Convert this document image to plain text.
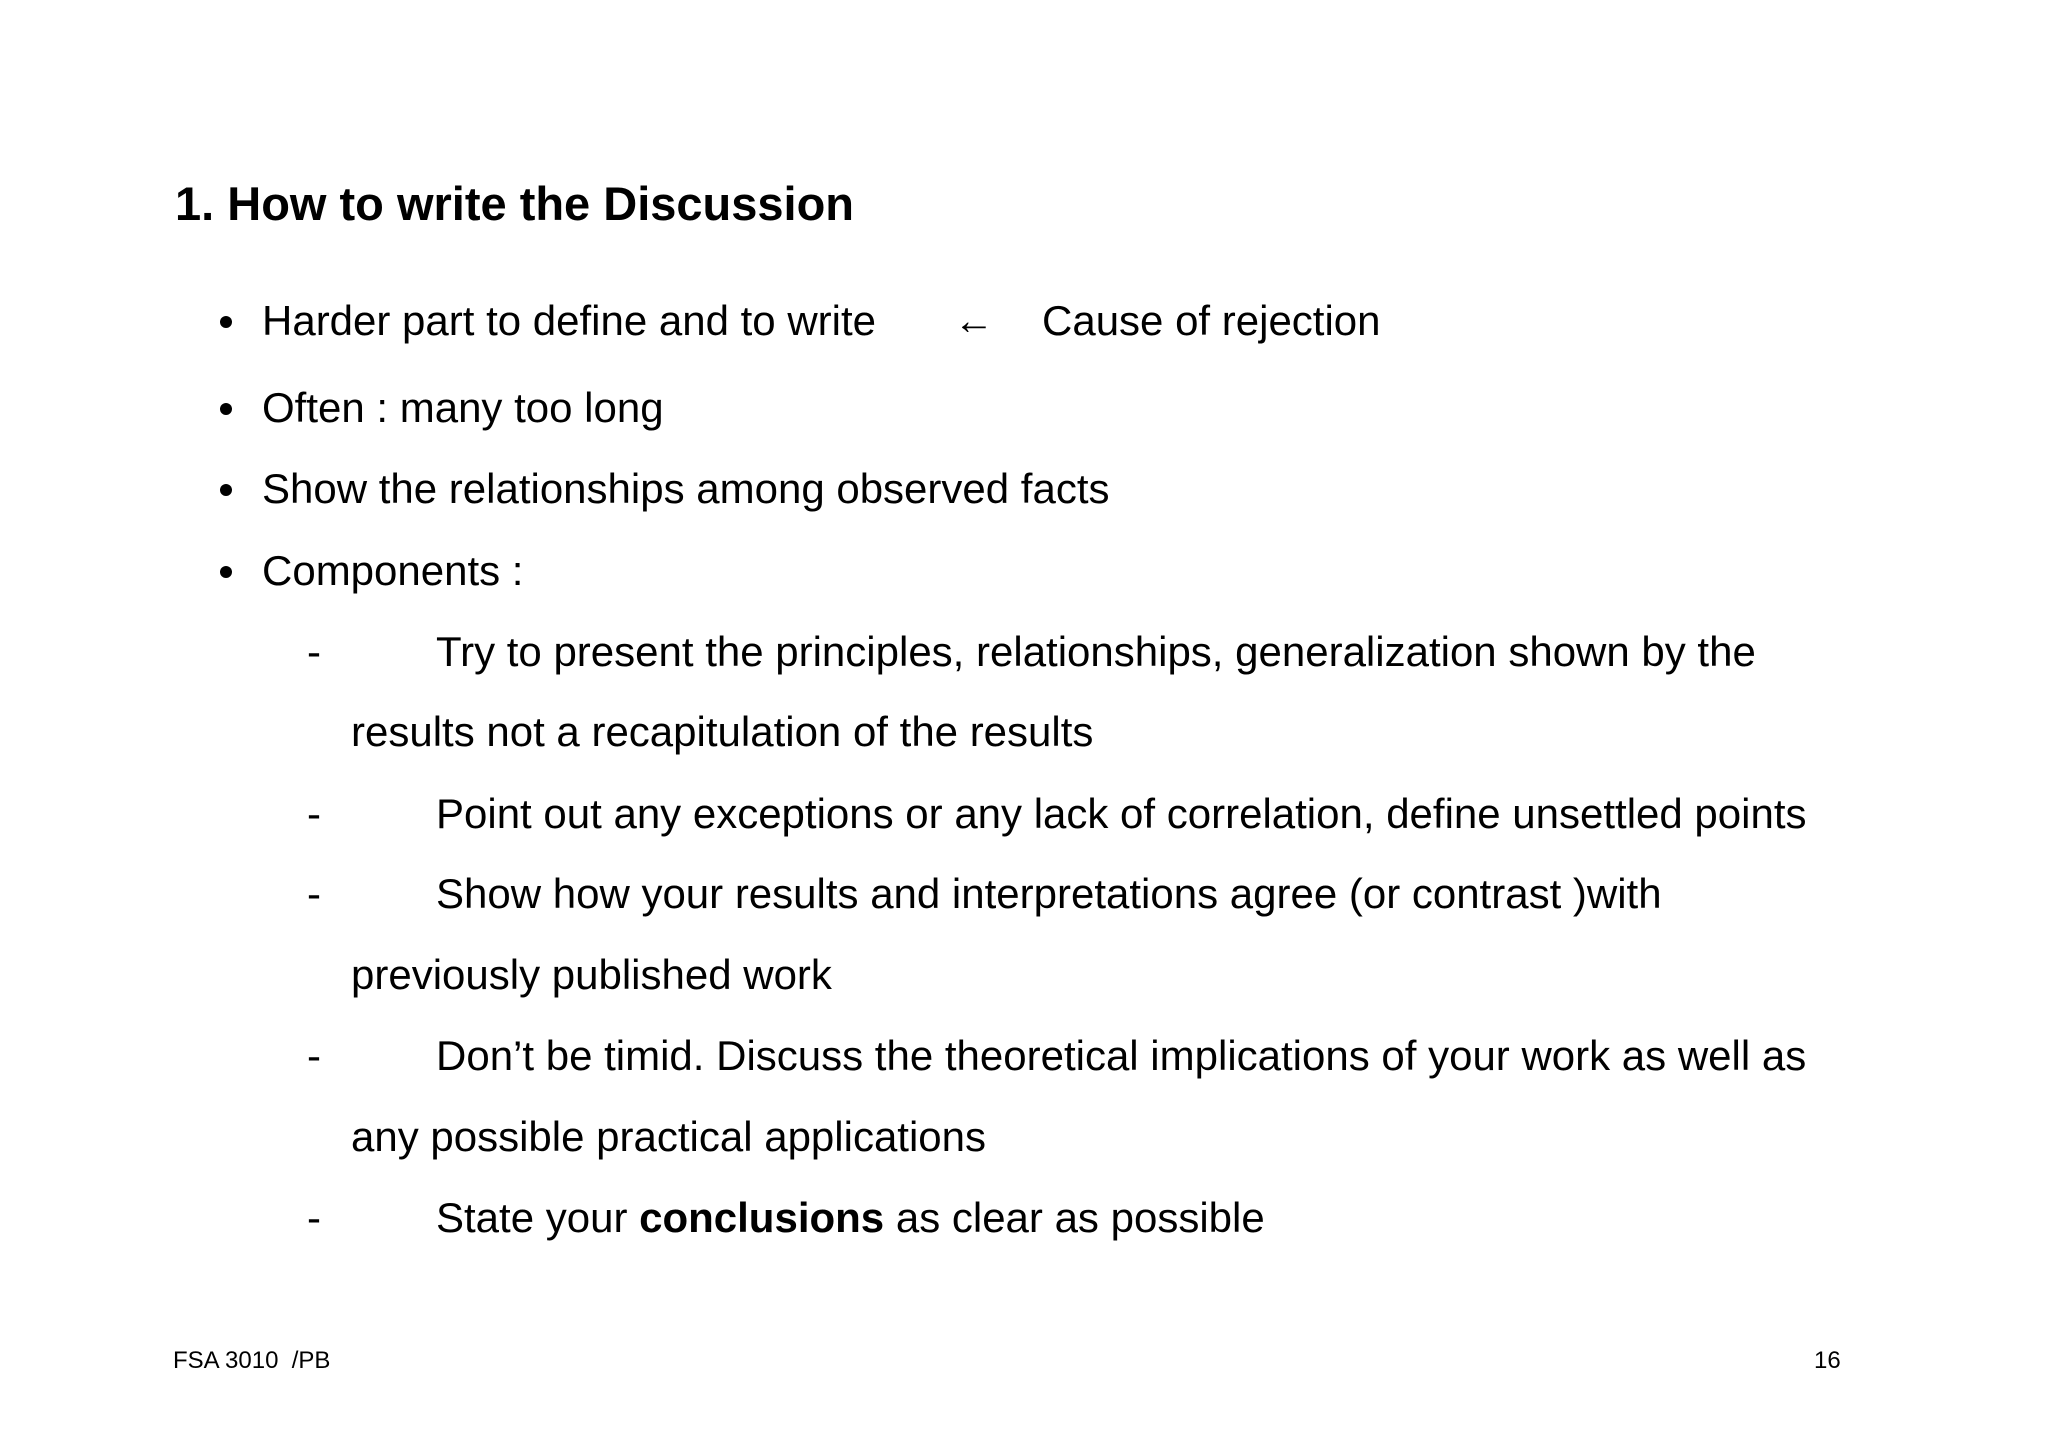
1. How to write the Discussion
Harder part to define and to write ← Cause of rejection
Often : many too long
Show the relationships among observed facts
Components :
-	Try to present the principles, relationships, generalization shown by the
results not a recapitulation of the results
-	Point out any exceptions or any lack of correlation, define unsettled points
-	Show how your results and interpretations agree (or contrast )with
previously published work
-	Don’t be timid. Discuss the theoretical implications of your work as well as
any possible practical applications
-	State your conclusions as clear as possible
FSA 3010  /PB	16
